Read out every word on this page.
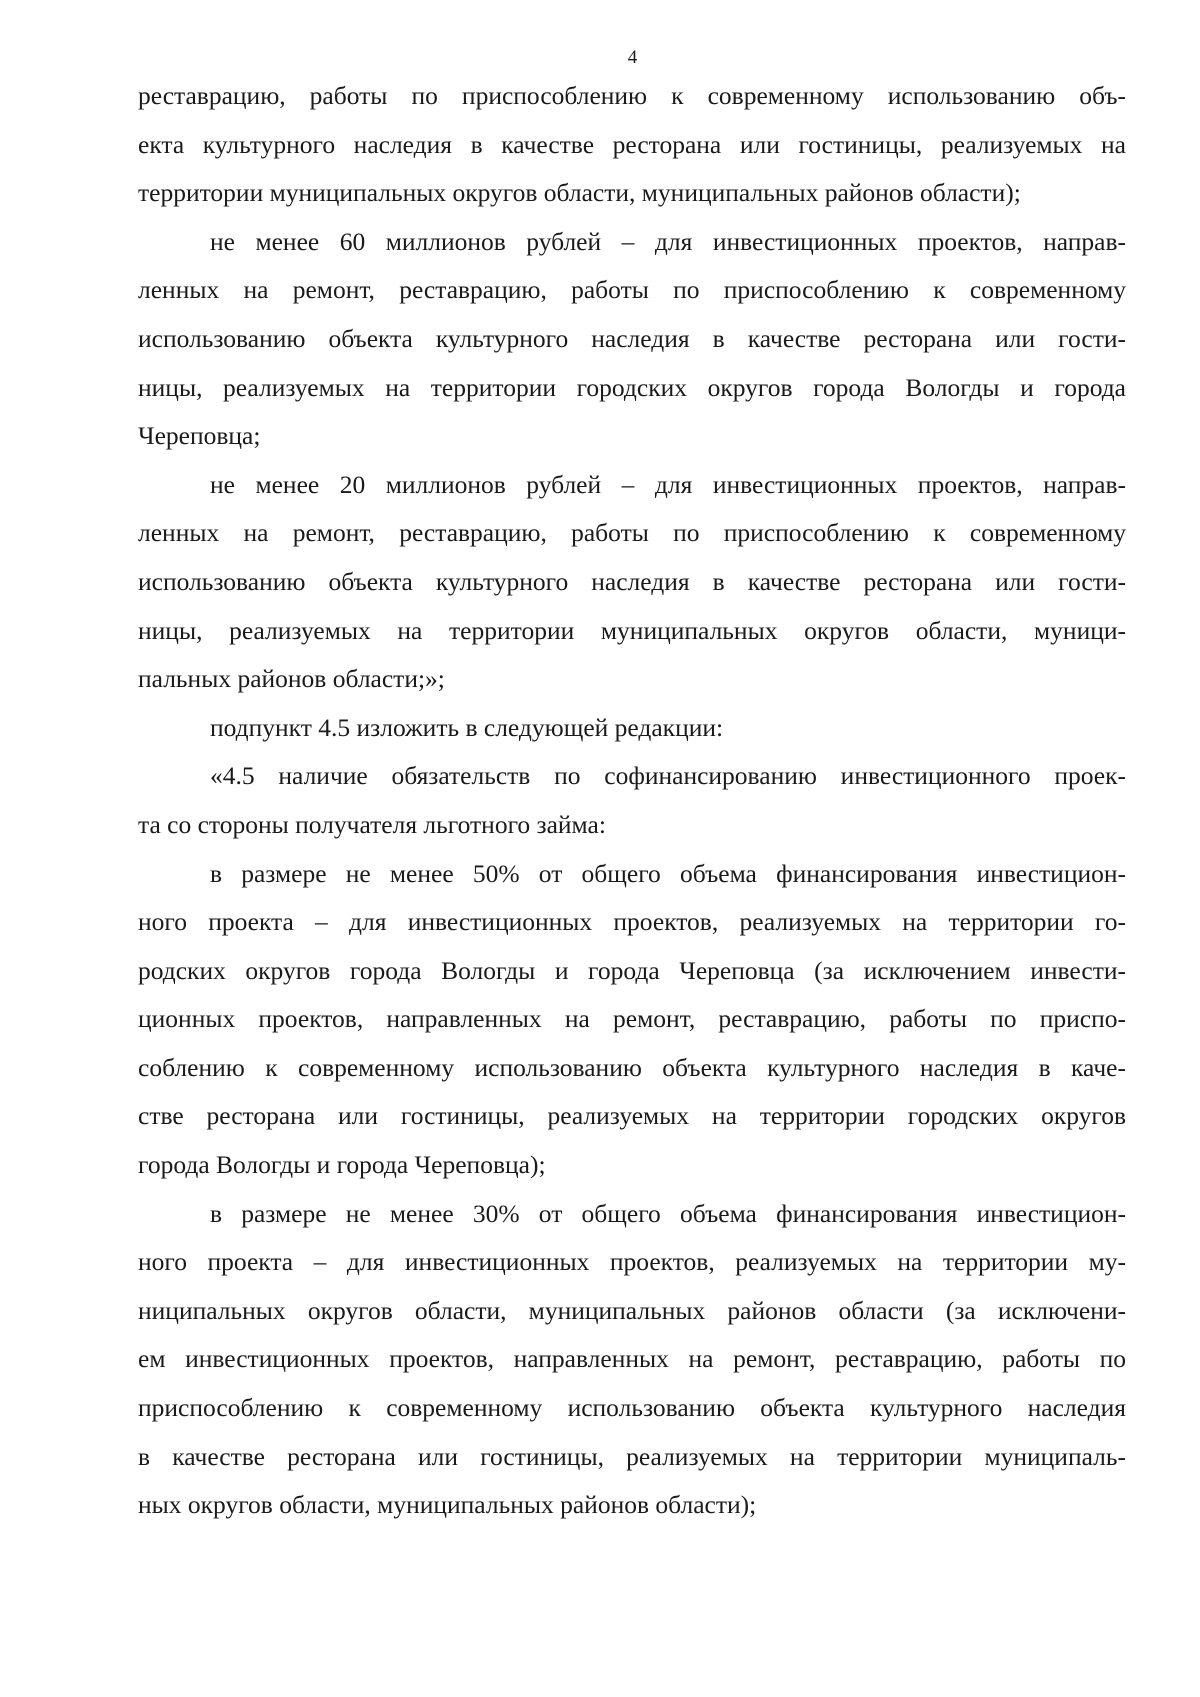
4

реставрацию, работы по приспособлению к современному использованию объ-
екта культурного наследия в качестве ресторана или гостиницы, реализуемых на
территории муниципальных округов области, муниципальных районов области);

не менее 60 миллионов рублей – для инвестиционных проектов, направ-
ленных на ремонт, реставрацию, работы по приспособлению к современному
использованию объекта культурного наследия в качестве ресторана или гости-
ницы, реализуемых на территории городских округов города Вологды и города
Череповца;

не менее 20 миллионов рублей – для инвестиционных проектов, направ-
ленных на ремонт, реставрацию, работы по приспособлению к современному
использованию объекта культурного наследия в качестве ресторана или гости-
ницы, реализуемых на территории муниципальных округов области, муници-
пальных районов области;»;

подпункт 4.5 изложить в следующей редакции:

«4.5 наличие обязательств по софинансированию инвестиционного проек-
та со стороны получателя льготного займа:

в размере не менее 50% от общего объема финансирования инвестицион-
ного проекта – для инвестиционных проектов, реализуемых на территории го-
родских округов города Вологды и города Череповца (за исключением инвести-
ционных проектов, направленных на ремонт, реставрацию, работы по приспо-
соблению к современному использованию объекта культурного наследия в каче-
стве ресторана или гостиницы, реализуемых на территории городских округов
города Вологды и города Череповца);

в размере не менее 30% от общего объема финансирования инвестицион-
ного проекта – для инвестиционных проектов, реализуемых на территории му-
ниципальных округов области, муниципальных районов области (за исключени-
ем инвестиционных проектов, направленных на ремонт, реставрацию, работы по
приспособлению к современному использованию объекта культурного наследия
в качестве ресторана или гостиницы, реализуемых на территории муниципаль-
ных округов области, муниципальных районов области);
